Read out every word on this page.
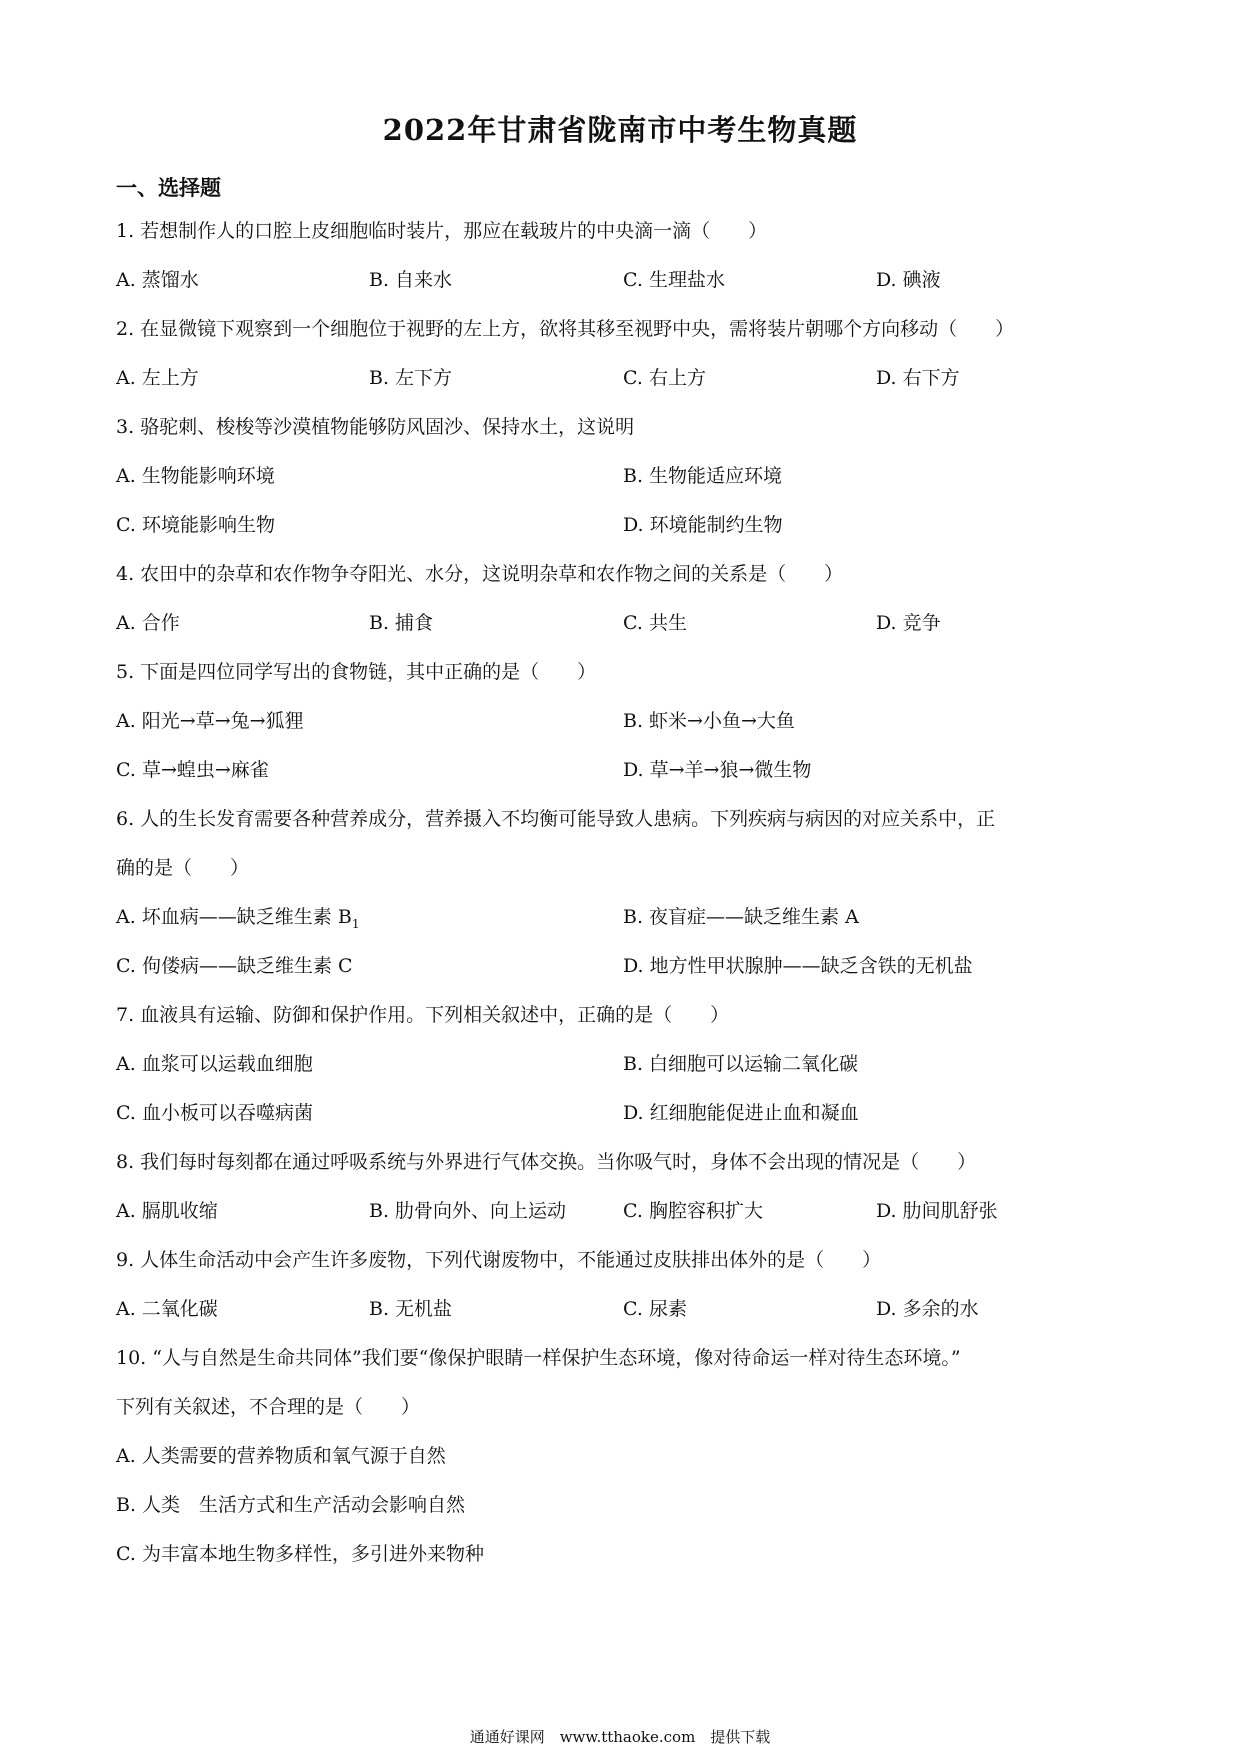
2022年甘肃省陇南市中考生物真题
一、选择题
1. 若想制作人的口腔上皮细胞临时装片，那应在载玻片的中央滴一滴（　　）
A. 蒸馏水	B. 自来水	C. 生理盐水	D. 碘液
2. 在显微镜下观察到一个细胞位于视野的左上方，欲将其移至视野中央，需将装片朝哪个方向移动（　　）
A. 左上方	B. 左下方	C. 右上方	D. 右下方
3. 骆驼刺、梭梭等沙漠植物能够防风固沙、保持水土，这说明
A. 生物能影响环境	B. 生物能适应环境
C. 环境能影响生物	D. 环境能制约生物
4. 农田中的杂草和农作物争夺阳光、水分，这说明杂草和农作物之间的关系是（　　）
A. 合作	B. 捕食	C. 共生	D. 竞争
5. 下面是四位同学写出的食物链，其中正确的是（　　）
A. 阳光→草→兔→狐狸	B. 虾米→小鱼→大鱼
C. 草→蝗虫→麻雀	D. 草→羊→狼→微生物
6. 人的生长发育需要各种营养成分，营养摄入不均衡可能导致人患病。下列疾病与病因的对应关系中，正
确的是（　　）
A. 坏血病——缺乏维生素 $B_1$	B. 夜盲症——缺乏维生素 A
C. 佝偻病——缺乏维生素 C	D. 地方性甲状腺肿——缺乏含铁的无机盐
7. 血液具有运输、防御和保护作用。下列相关叙述中，正确的是（　　）
A. 血浆可以运载血细胞	B. 白细胞可以运输二氧化碳
C. 血小板可以吞噬病菌	D. 红细胞能促进止血和凝血
8. 我们每时每刻都在通过呼吸系统与外界进行气体交换。当你吸气时，身体不会出现的情况是（　　）
A. 膈肌收缩	B. 肋骨向外、向上运动	C. 胸腔容积扩大	D. 肋间肌舒张
9. 人体生命活动中会产生许多废物，下列代谢废物中，不能通过皮肤排出体外的是（　　）
A. 二氧化碳	B. 无机盐	C. 尿素	D. 多余的水
10. “人与自然是生命共同体”我们要“像保护眼睛一样保护生态环境，像对待命运一样对待生态环境。”
下列有关叙述，不合理的是（　　）
A. 人类需要的营养物质和氧气源于自然
B. 人类　生活方式和生产活动会影响自然
C. 为丰富本地生物多样性，多引进外来物种
通通好课网　www.tthaoke.com　提供下载
